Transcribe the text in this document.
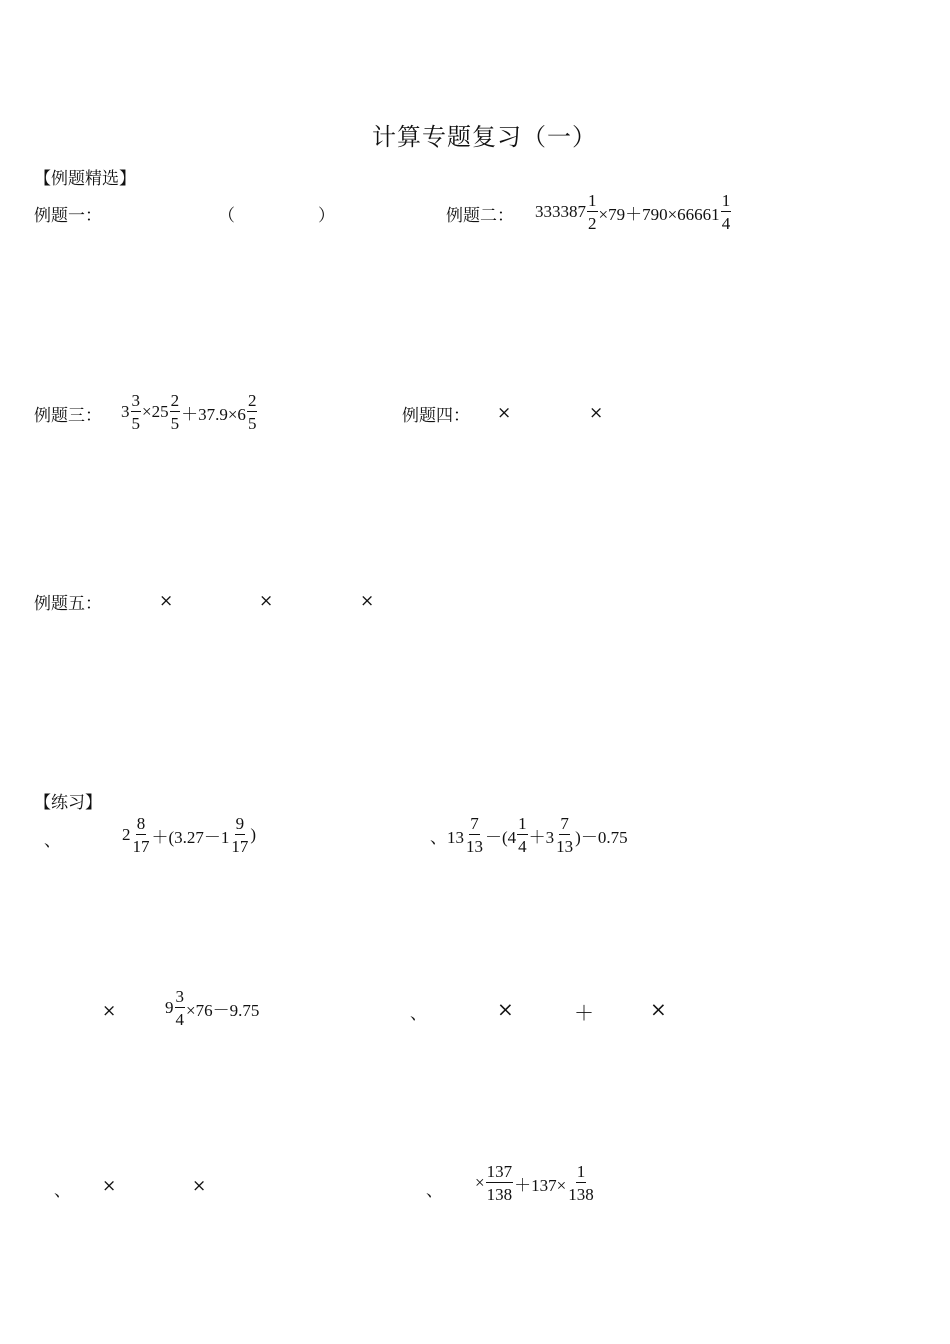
计算专题复习（一）
【例题精选】
例题一：	（	）	例题二： $333387 \frac{1}{2} \times 79+790\times 66661 \frac{1}{4}$
例题三： $3 \frac{3}{5} \times 25 \frac{2}{5} +37.9\times 6 \frac{2}{5}$	例题四： ×	×
例题五：	×	×	×
【练习】
、	$2 \frac{8}{17} +(3.27-1 \frac{9}{17}$ )	、$13 \frac{7}{13} -(4 \frac{1}{4} +3 \frac{7}{13} )-0.75$
×	$9 \frac{3}{4} \times 76-9.75$	、	×	＋	×
、 ×	×	、 × $\frac{137}{138} +137\times \frac{1}{138}$
